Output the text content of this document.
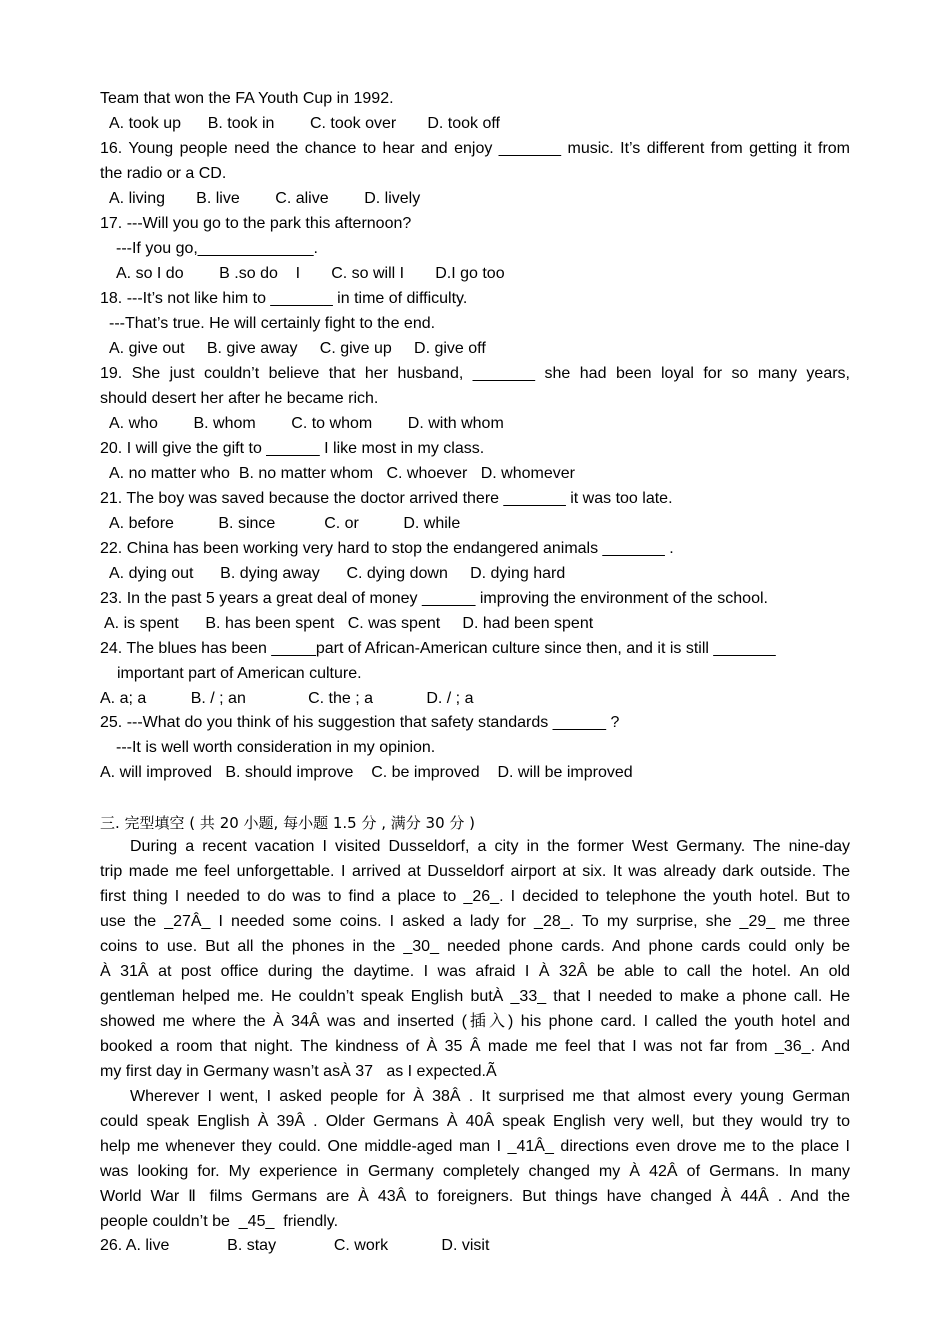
Team that won the FA Youth Cup in 1992.
A. took up      B. took in        C. took over       D. took off
16. Young people need the chance to hear and enjoy _______ music. It’s different from getting it from
the radio or a CD.
A. living       B. live        C. alive        D. lively
17. ---Will you go to the park this afternoon?
---If you go,_____________.
A. so I do        B .so do    I       C. so will I       D.I go too
18. ---It’s not like him to _______ in time of difficulty.
---That’s true. He will certainly fight to the end.
A. give out     B. give away     C. give up     D. give off
19. She just couldn’t believe that her husband, _______ she had been loyal for so many years,
should desert her after he became rich.
A. who        B. whom        C. to whom        D. with whom
20. I will give the gift to ______ I like most in my class.
A. no matter who  B. no matter whom   C. whoever   D. whomever
21. The boy was saved because the doctor arrived there _______ it was too late.
A. before          B. since           C. or          D. while
22. China has been working very hard to stop the endangered animals _______ .
A. dying out      B. dying away      C. dying down     D. dying hard
23. In the past 5 years a great deal of money ______ improving the environment of the school.
A. is spent      B. has been spent   C. was spent     D. had been spent
24. The blues has been _____part of African-American culture since then, and it is still _______
important part of American culture.
A. a; a          B. / ; an              C. the ; a            D. / ; a
25. ---What do you think of his suggestion that safety standards ______ ?
---It is well worth consideration in my opinion.
A. will improved   B. should improve    C. be improved    D. will be improved
三. 完型填空 ( 共 20 小题, 每小题 1.5 分 , 满分 30 分 )
During a recent vacation I visited Dusseldorf, a city in the former West Germany. The nine-day
trip made me feel unforgettable. I arrived at Dusseldorf airport at six. It was already dark outside. The
first thing I needed to do was to find a place to _26_. I decided to telephone the youth hotel. But to
use the _27Â_ I needed some coins. I asked a lady for _28_. To my surprise, she _29_ me three
coins to use. But all the phones in the _30_ needed phone cards. And phone cards could only be
À 31Â at post office during the daytime. I was afraid I À 32Â be able to call the hotel. An old
gentleman helped me. He couldn’t speak English butÀ _33_ that I needed to make a phone call. He
showed me where the À 34Â was and inserted (插入) his phone card. I called the youth hotel and
booked a room that night. The kindness of À 35 Â made me feel that I was not far from _36_. And
my first day in Germany wasn’t asÀ 37   as I expected.Ã
Wherever I went, I asked people for À 38Â . It surprised me that almost every young German
could speak English À 39Â . Older Germans À 40Â speak English very well, but they would try to
help me whenever they could. One middle-aged man I _41Â_ directions even drove me to the place I
was looking for. My experience in Germany completely changed my À 42Â of Germans. In many
World War Ⅱ films Germans are À 43Â to foreigners. But things have changed À 44Â . And the
people couldn’t be  _45_  friendly.
26. A. live             B. stay             C. work            D. visit
